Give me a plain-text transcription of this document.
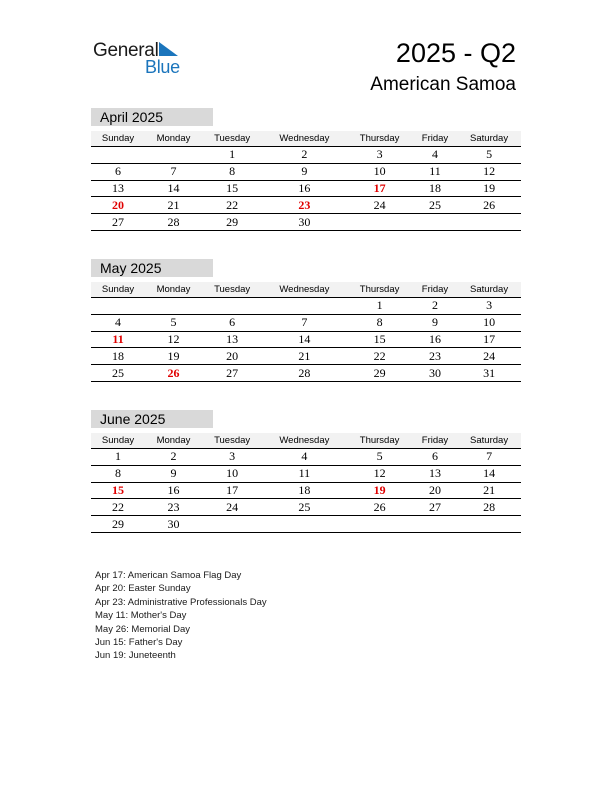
General
Blue	2025 - Q2
American Samoa
April 2025
Sunday	Monday	Tuesday	Wednesday	Thursday	Friday	Saturday
		1	2	3	4	5
6	7	8	9	10	11	12
13	14	15	16	17	18	19
20	21	22	23	24	25	26
27	28	29	30			
May 2025
Sunday	Monday	Tuesday	Wednesday	Thursday	Friday	Saturday
				1	2	3
4	5	6	7	8	9	10
11	12	13	14	15	16	17
18	19	20	21	22	23	24
25	26	27	28	29	30	31
June 2025
Sunday	Monday	Tuesday	Wednesday	Thursday	Friday	Saturday
1	2	3	4	5	6	7
8	9	10	11	12	13	14
15	16	17	18	19	20	21
22	23	24	25	26	27	28
29	30					
Apr 17: American Samoa Flag Day
Apr 20: Easter Sunday
Apr 23: Administrative Professionals Day
May 11: Mother's Day
May 26: Memorial Day
Jun 15: Father's Day
Jun 19: Juneteenth
